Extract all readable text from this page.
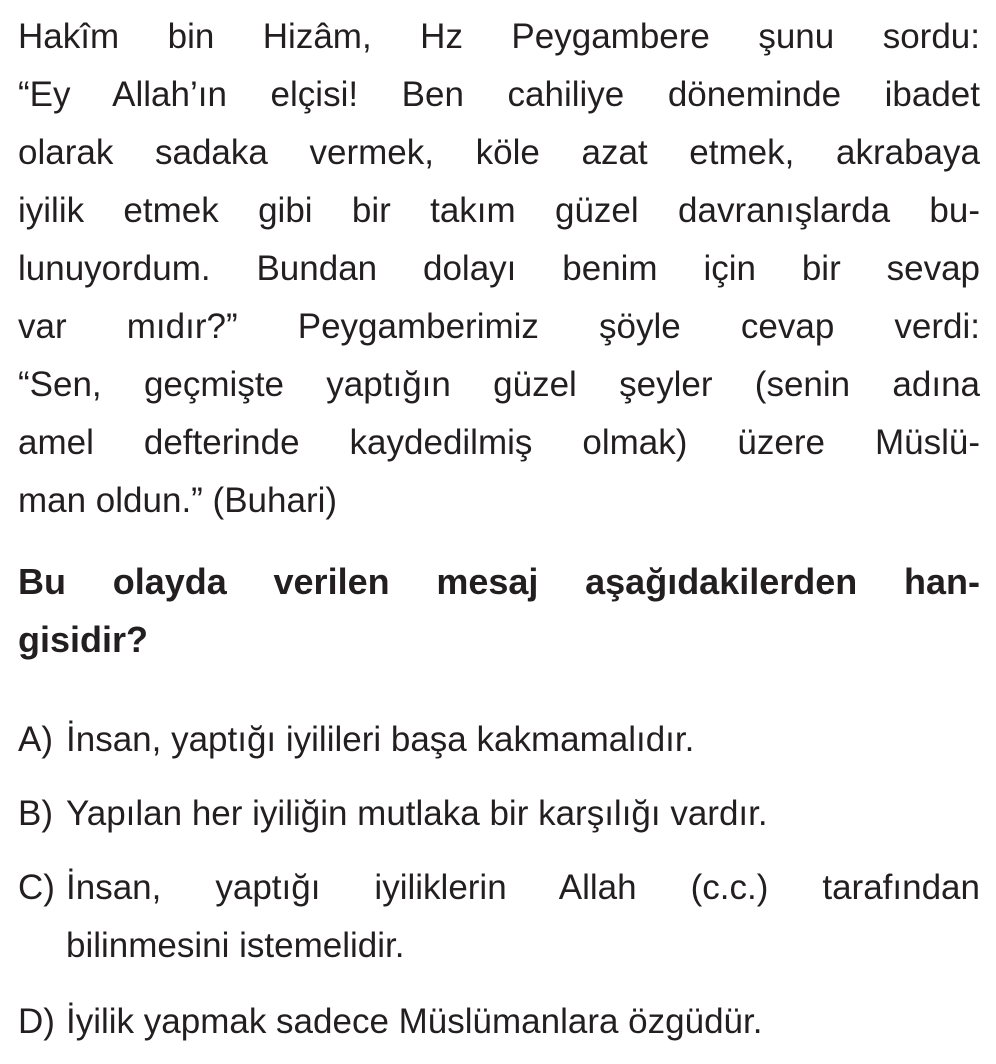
Hakîm bin Hizâm, Hz Peygambere şunu sordu:
“Ey Allah’ın elçisi! Ben cahiliye döneminde ibadet
olarak sadaka vermek, köle azat etmek, akrabaya
iyilik etmek gibi bir takım güzel davranışlarda bu-
lunuyordum. Bundan dolayı benim için bir sevap
var mıdır?” Peygamberimiz şöyle cevap verdi:
“Sen, geçmişte yaptığın güzel şeyler (senin adına
amel defterinde kaydedilmiş olmak) üzere Müslü-
man oldun.” (Buhari)
Bu olayda verilen mesaj aşağıdakilerden han-
gisidir?
A) İnsan, yaptığı iyilileri başa kakmamalıdır.
B) Yapılan her iyiliğin mutlaka bir karşılığı vardır.
C) İnsan, yaptığı iyiliklerin Allah (c.c.) tarafından
bilinmesini istemelidir.
D) İyilik yapmak sadece Müslümanlara özgüdür.
